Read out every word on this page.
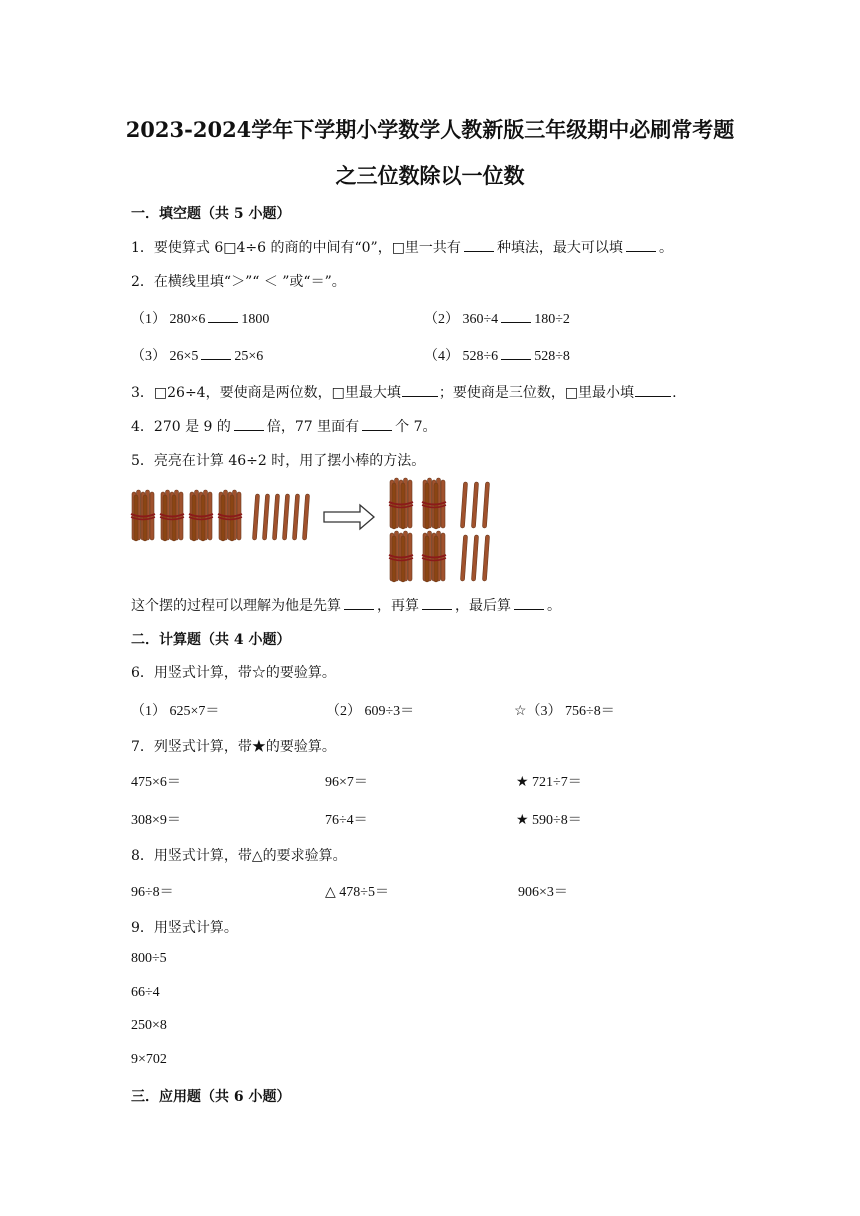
2023-2024学年下学期小学数学人教新版三年级期中必刷常考题
之三位数除以一位数
一．填空题（共 5 小题）
1．要使算式 6□4÷6 的商的中间有“0”，□里一共有	种填法，最大可以填	。
2．在横线里填“＞”“ ＜ ”或“＝”。
（1） 280×6	1800	（2） 360÷4	180÷2
（3） 26×5	25×6	（4） 528÷6	528÷8
3．□26÷4，要使商是两位数，□里最大填	；要使商是三位数，□里最小填	.
4．270 是 9 的	倍，77 里面有	个 7。
5．亮亮在计算 46÷2 时，用了摆小棒的方法。
这个摆的过程可以理解为他是先算	，再算	，最后算	。
二．计算题（共 4 小题）
6．用竖式计算，带☆的要验算。
（1） 625×7＝	（2） 609÷3＝	☆（3） 756÷8＝
7．列竖式计算，带★的要验算。
475×6＝	96×7＝	★ 721÷7＝
308×9＝	76÷4＝	★ 590÷8＝
8．用竖式计算，带△的要求验算。
96÷8＝	△ 478÷5＝	906×3＝
9．用竖式计算。
800÷5
66÷4
250×8
9×702
三．应用题（共 6 小题）
